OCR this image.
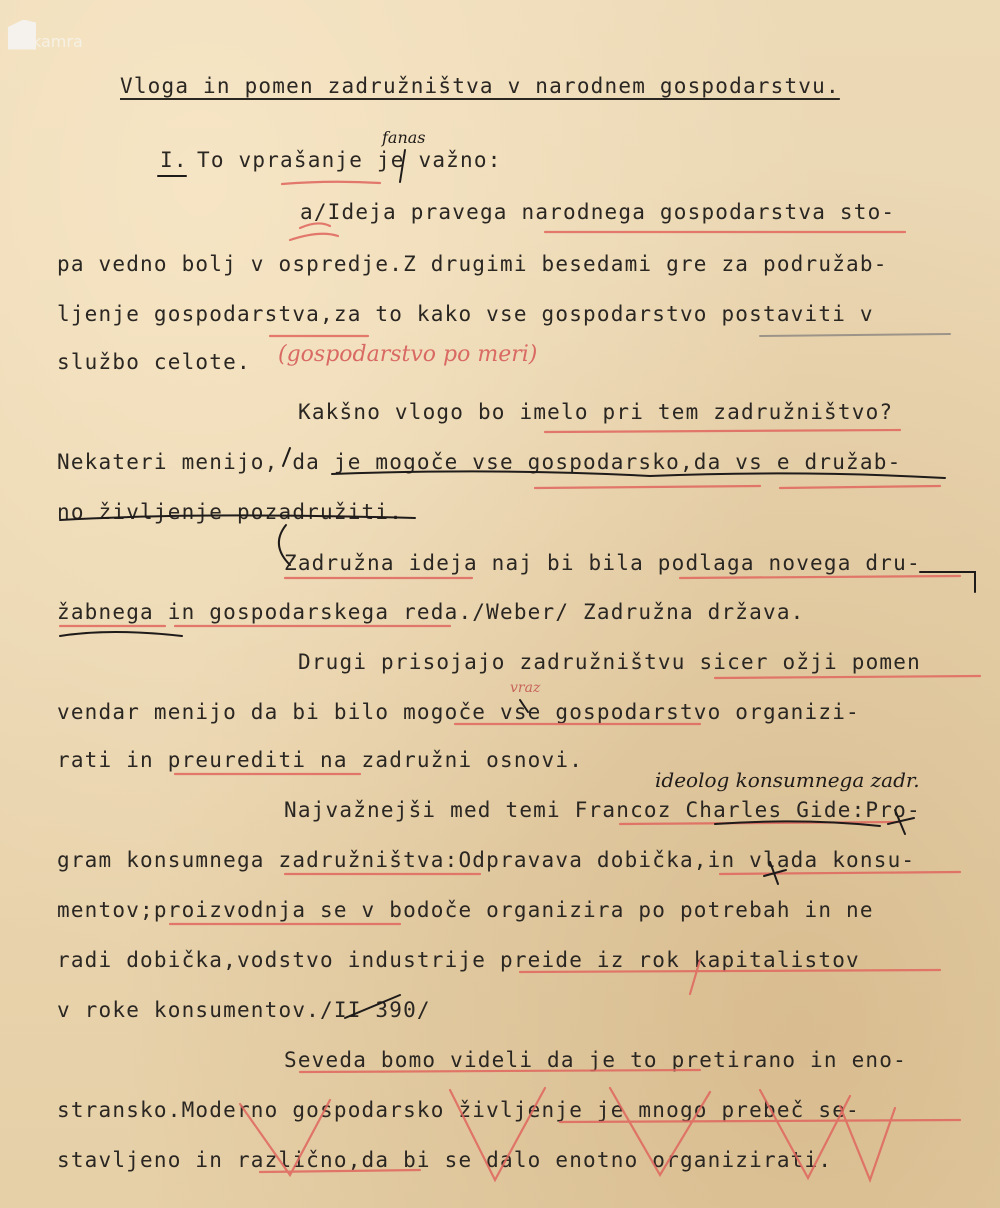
kamra
Vloga in pomen zadružništva v narodnem gospodarstvu.
I. To vprašanje je važno:
a/Ideja pravega narodnega gospodarstva sto-
pa vedno bolj v ospredje.Z drugimi besedami gre za podružab-
ljenje gospodarstva,za to kako vse gospodarstvo postaviti v
službo celote.
Kakšno vlogo bo imelo pri tem zadružništvo?
Nekateri menijo, da je mogoče vse gospodarsko,da vs e družab-
no življenje pozadružiti.
Zadružna ideja naj bi bila podlaga novega dru-
žabnega in gospodarskega reda./Weber/ Zadružna država.
Drugi prisojajo zadružništvu sicer ožji pomen
vendar menijo da bi bilo mogoče vse gospodarstvo organizi-
rati in preurediti na zadružni osnovi.
Najvažnejši med temi Francoz Charles Gide:Pro-
gram konsumnega zadružništva:Odpravava dobička,in vlada konsu-
mentov;proizvodnja se v bodoče organizira po potrebah in ne
radi dobička,vodstvo industrije preide iz rok kapitalistov
v roke konsumentov./II 390/
Seveda bomo videli da je to pretirano in eno-
stransko.Moderno gospodarsko življenje je mnogo prebeč se-
stavljeno in različno,da bi se dalo enotno organizirati.
fanas
(gospodarstvo po meri)
vraz
ideolog konsumnega zadr.
